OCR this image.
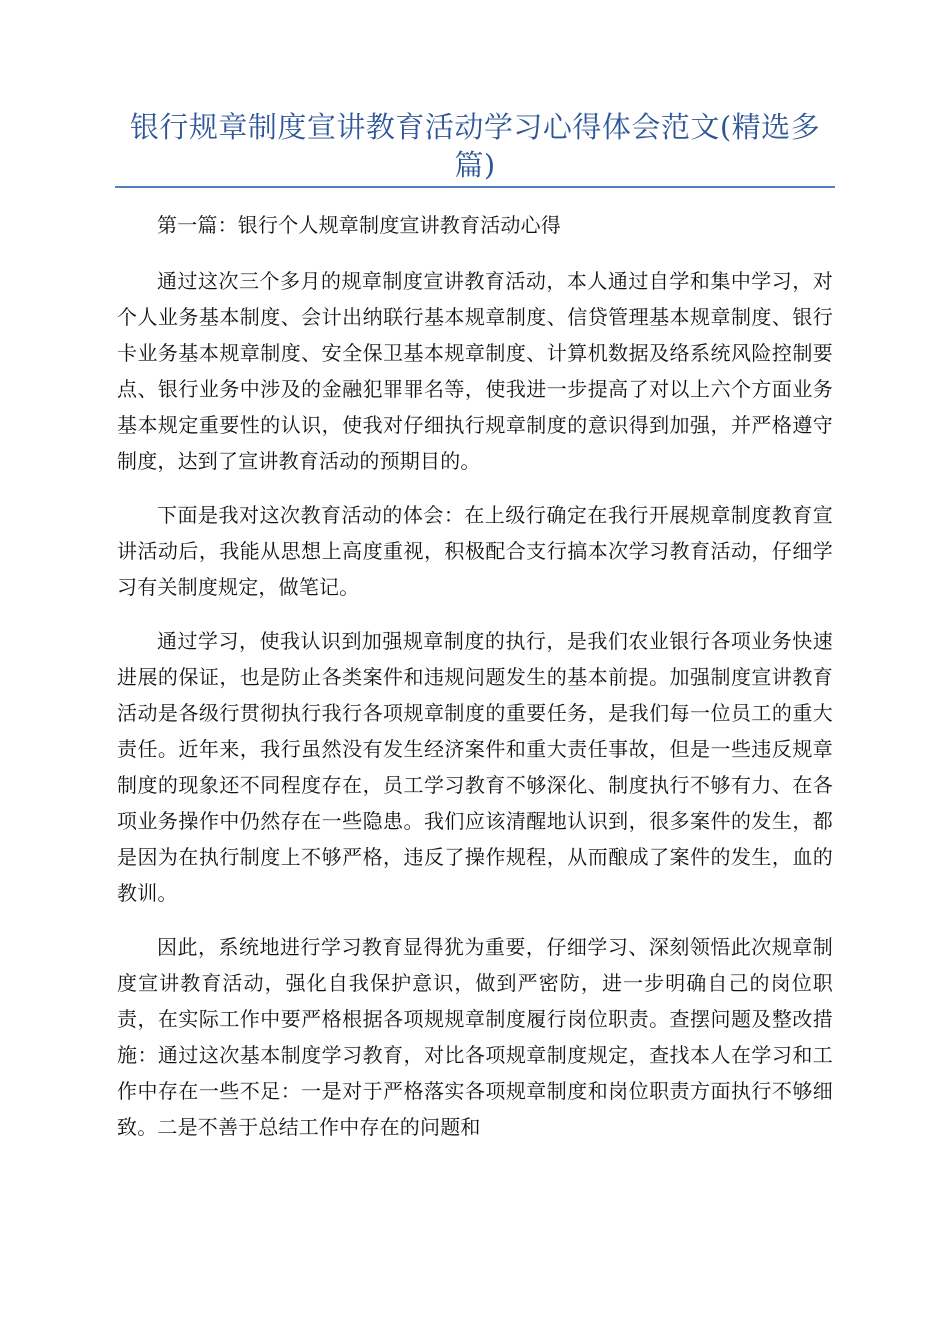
银行规章制度宣讲教育活动学习心得体会范文(精选多篇)

第一篇：银行个人规章制度宣讲教育活动心得

通过这次三个多月的规章制度宣讲教育活动，本人通过自学和集中学习，对个人业务基本制度、会计出纳联行基本规章制度、信贷管理基本规章制度、银行卡业务基本规章制度、安全保卫基本规章制度、计算机数据及络系统风险控制要点、银行业务中涉及的金融犯罪罪名等，使我进一步提高了对以上六个方面业务基本规定重要性的认识，使我对仔细执行规章制度的意识得到加强，并严格遵守制度，达到了宣讲教育活动的预期目的。

下面是我对这次教育活动的体会：在上级行确定在我行开展规章制度教育宣讲活动后，我能从思想上高度重视，积极配合支行搞本次学习教育活动，仔细学习有关制度规定，做笔记。

通过学习，使我认识到加强规章制度的执行，是我们农业银行各项业务快速进展的保证，也是防止各类案件和违规问题发生的基本前提。加强制度宣讲教育活动是各级行贯彻执行我行各项规章制度的重要任务，是我们每一位员工的重大责任。近年来，我行虽然没有发生经济案件和重大责任事故，但是一些违反规章制度的现象还不同程度存在，员工学习教育不够深化、制度执行不够有力、在各项业务操作中仍然存在一些隐患。我们应该清醒地认识到，很多案件的发生，都是因为在执行制度上不够严格，违反了操作规程，从而酿成了案件的发生，血的教训。

因此，系统地进行学习教育显得犹为重要，仔细学习、深刻领悟此次规章制度宣讲教育活动，强化自我保护意识，做到严密防，进一步明确自己的岗位职责，在实际工作中要严格根据各项规规章制度履行岗位职责。查摆问题及整改措施：通过这次基本制度学习教育，对比各项规章制度规定，查找本人在学习和工作中存在一些不足：一是对于严格落实各项规章制度和岗位职责方面执行不够细致。二是不善于总结工作中存在的问题和
